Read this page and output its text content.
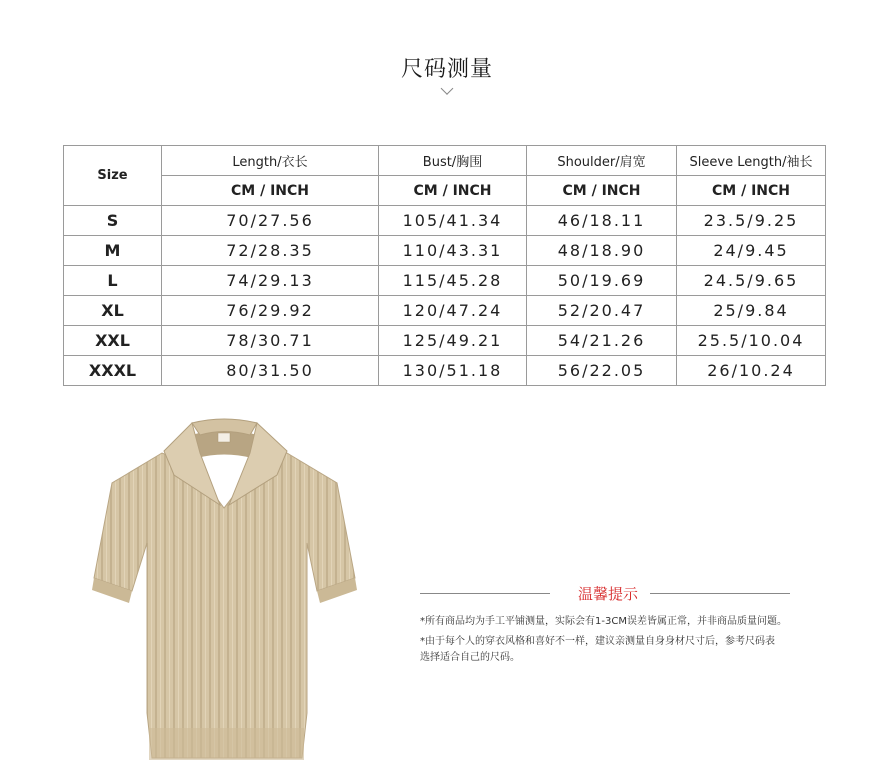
尺码测量
Size	Length/衣长	Bust/胸围	Shoulder/肩宽	Sleeve Length/袖长
	CM / INCH	CM / INCH	CM / INCH	CM / INCH
S	70/27.56	105/41.34	46/18.11	23.5/9.25
M	72/28.35	110/43.31	48/18.90	24/9.45
L	74/29.13	115/45.28	50/19.69	24.5/9.65
XL	76/29.92	120/47.24	52/20.47	25/9.84
XXL	78/30.71	125/49.21	54/21.26	25.5/10.04
XXXL	80/31.50	130/51.18	56/22.05	26/10.24
温馨提示

*所有商品均为手工平铺测量，实际会有1-3CM误差皆属正常，并非商品质量问题。

*由于每个人的穿衣风格和喜好不一样，建议亲测量自身身材尺寸后，参考尺码表

选择适合自己的尺码。
